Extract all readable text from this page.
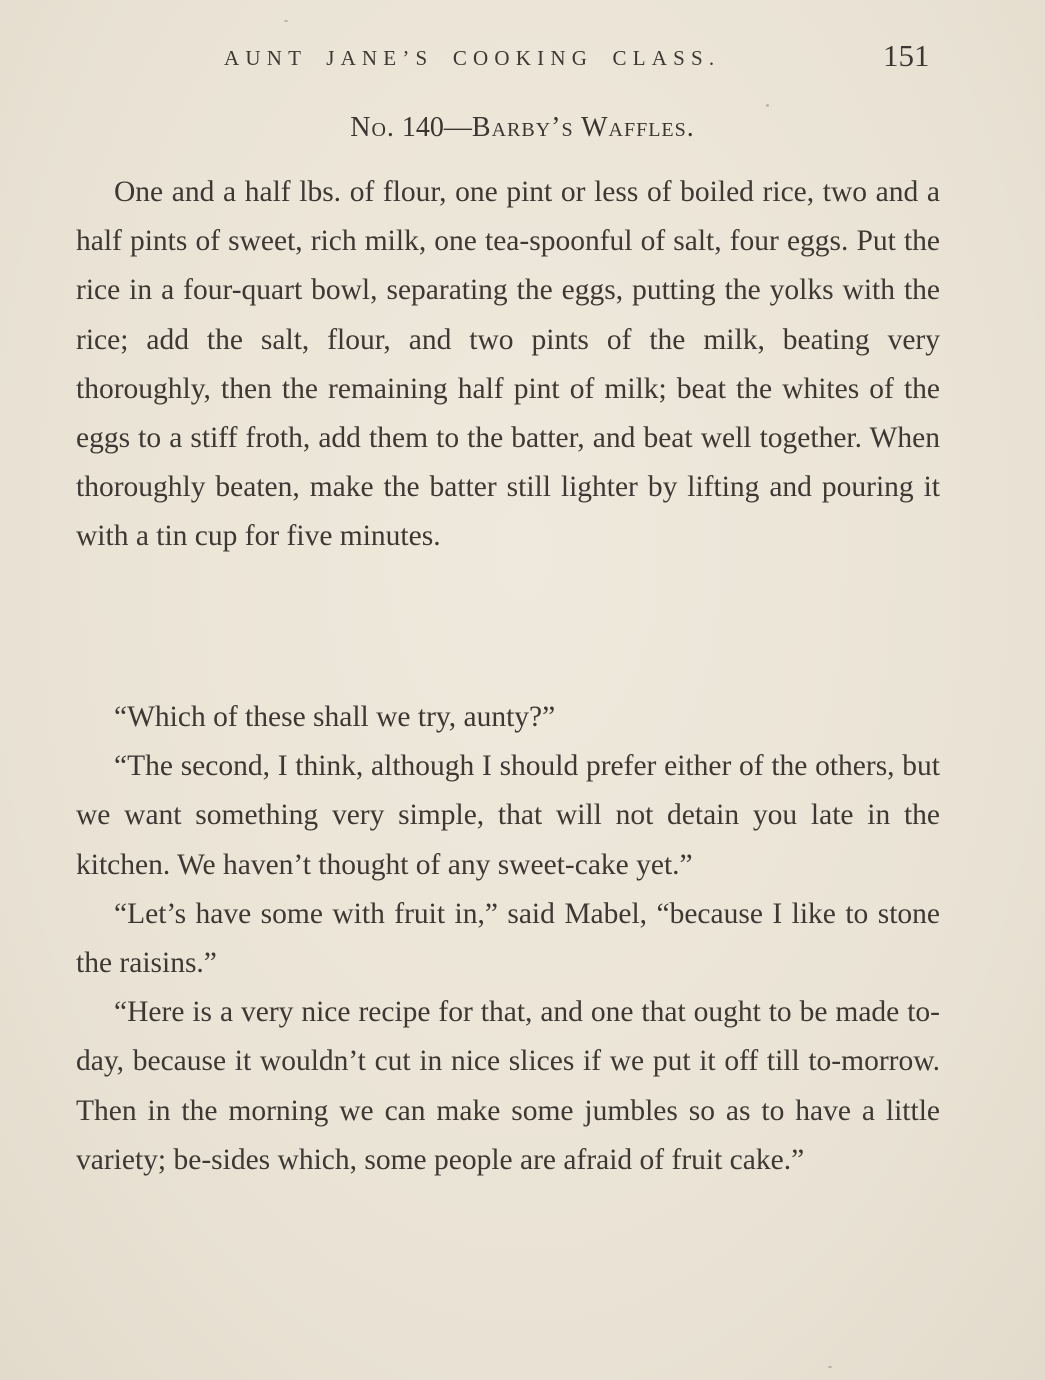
AUNT JANE’S COOKING CLASS.	151
No. 140—Barby’s Waffles.
One and a half lbs. of flour, one pint or less of boiled rice, two and a half pints of sweet, rich milk, one tea-spoonful of salt, four eggs. Put the rice in a four-quart bowl, separating the eggs, putting the yolks with the rice; add the salt, flour, and two pints of the milk, beating very thoroughly, then the remaining half pint of milk; beat the whites of the eggs to a stiff froth, add them to the batter, and beat well together. When thoroughly beaten, make the batter still lighter by lifting and pouring it with a tin cup for five minutes.

“Which of these shall we try, aunty?”

“The second, I think, although I should prefer either of the others, but we want something very simple, that will not detain you late in the kitchen. We haven’t thought of any sweet-cake yet.”

“Let’s have some with fruit in,” said Mabel, “because I like to stone the raisins.”

“Here is a very nice recipe for that, and one that ought to be made to-day, because it wouldn’t cut in nice slices if we put it off till to-morrow. Then in the morning we can make some jumbles so as to have a little variety; be-sides which, some people are afraid of fruit cake.”
